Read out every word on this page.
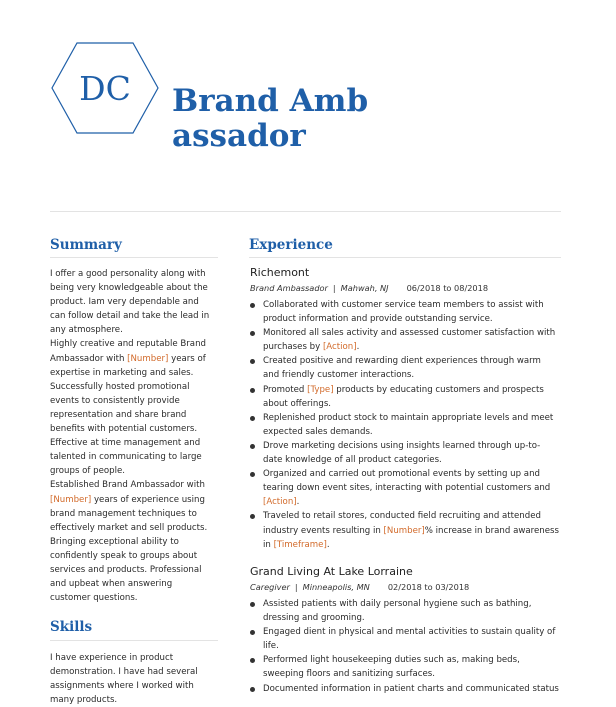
DC	Brand Ambassador
Summary

I offer a good personality along with being very knowledgeable about the product. Iam very dependable and can follow detail and take the lead in any atmosphere.

Highly creative and reputable Brand Ambassador with [Number] years of expertise in marketing and sales. Successfully hosted promotional events to consistently provide representation and share brand benefits with potential customers. Effective at time management and talented in communicating to large groups of people.

Established Brand Ambassador with [Number] years of experience using brand management techniques to effectively market and sell products. Bringing exceptional ability to confidently speak to groups about services and products. Professional and upbeat when answering customer questions.

Skills

I have experience in product demonstration. I have had several assignments where I worked with many products.

Experience
Richemont
Brand Ambassador | Mahwah, NJ 06/2018 to 08/2018
Collaborated with customer service team members to assist with product information and provide outstanding service.
Monitored all sales activity and assessed customer satisfaction with purchases by [Action].
Created positive and rewarding dient experiences through warm and friendly customer interactions.
Promoted [Type] products by educating customers and prospects about offerings.
Replenished product stock to maintain appropriate levels and meet expected sales demands.
Drove marketing decisions using insights learned through up-to-date knowledge of all product categories.
Organized and carried out promotional events by setting up and tearing down event sites, interacting with potential customers and [Action].
Traveled to retail stores, conducted field recruiting and attended industry events resulting in [Number]% increase in brand awareness in [Timeframe].
Grand Living At Lake Lorraine
Caregiver | Minneapolis, MN 02/2018 to 03/2018
Assisted patients with daily personal hygiene such as bathing, dressing and grooming.
Engaged dient in physical and mental activities to sustain quality of life.
Performed light housekeeping duties such as, making beds, sweeping floors and sanitizing surfaces.
Documented information in patient charts and communicated status
